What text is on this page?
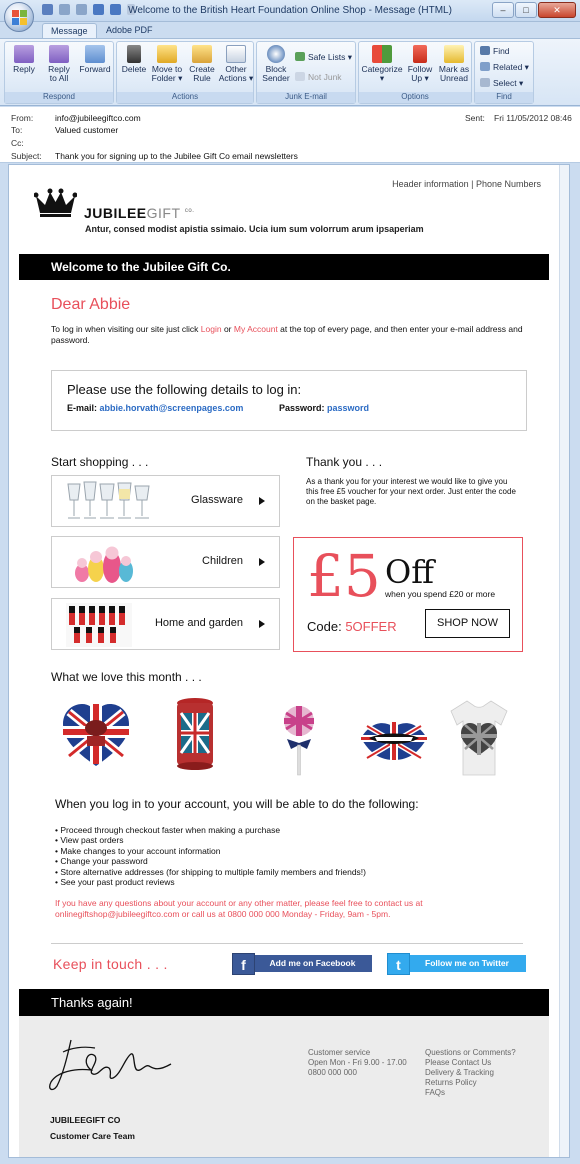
Welcome to the British Heart Foundation Online Shop - Message (HTML)	–	□	✕
Message	Adobe PDF
Reply	Reply
to All
Forward
Respond
Delete Move to
Folder ▾
Create
Rule
Other
Actions ▾
Actions
Block
Sender
Safe Lists ▾
Not Junk
Junk E-mail
Categorize
▾
Follow
Up ▾
Mark as
Unread
Options
Find
Related ▾
Select ▾
Find
From:	info@jubileegiftco.com
To:	Valued customer
Cc:
Subject: Thank you for signing up to the Jubilee Gift Co email newsletters
Sent: Fri 11/05/2012 08:46
Header information | Phone Numbers
JUBILEEGIFT $^{co.}$
Antur, consed modist apistia ssimaio. Ucia ium sum volorrum arum ipsaperiam
Welcome to the Jubilee Gift Co.
Dear Abbie
To log in when visiting our site just click Login or My Account at the top of every page, and then enter your e-mail address and password.
Please use the following details to log in:
E-mail: abbie.horvath@screenpages.com	Password: password
Start shopping . . .	Thank you . . .
Glassware
Children
Home and garden
As a thank you for your interest we would like to give you this free £5 voucher for your next order. Just enter the code on the basket page.
£5 Off
when you spend £20 or more
Code: 5OFFER	SHOP NOW
What we love this month . . .
When you log in to your account, you will be able to do the following:
• Proceed through checkout faster when making a purchase
• View past orders
• Make changes to your account information
• Change your password
• Store alternative addresses (for shipping to multiple family members and friends!)
• See your past product reviews
If you have any questions about your account or any other matter, please feel free to contact us at onlinegiftshop@jubileegiftco.com or call us at 0800 000 000 Monday - Friday, 9am - 5pm.
Keep in touch . . .	Add me on Facebook
f	Follow me on Twitter
t
Thanks again!
JUBILEEGIFT CO
Customer Care Team
Customer service
Open Mon - Fri 9.00 - 17.00
0800 000 000
Questions or Comments?
Please Contact Us
Delivery & Tracking
Returns Policy
FAQs
